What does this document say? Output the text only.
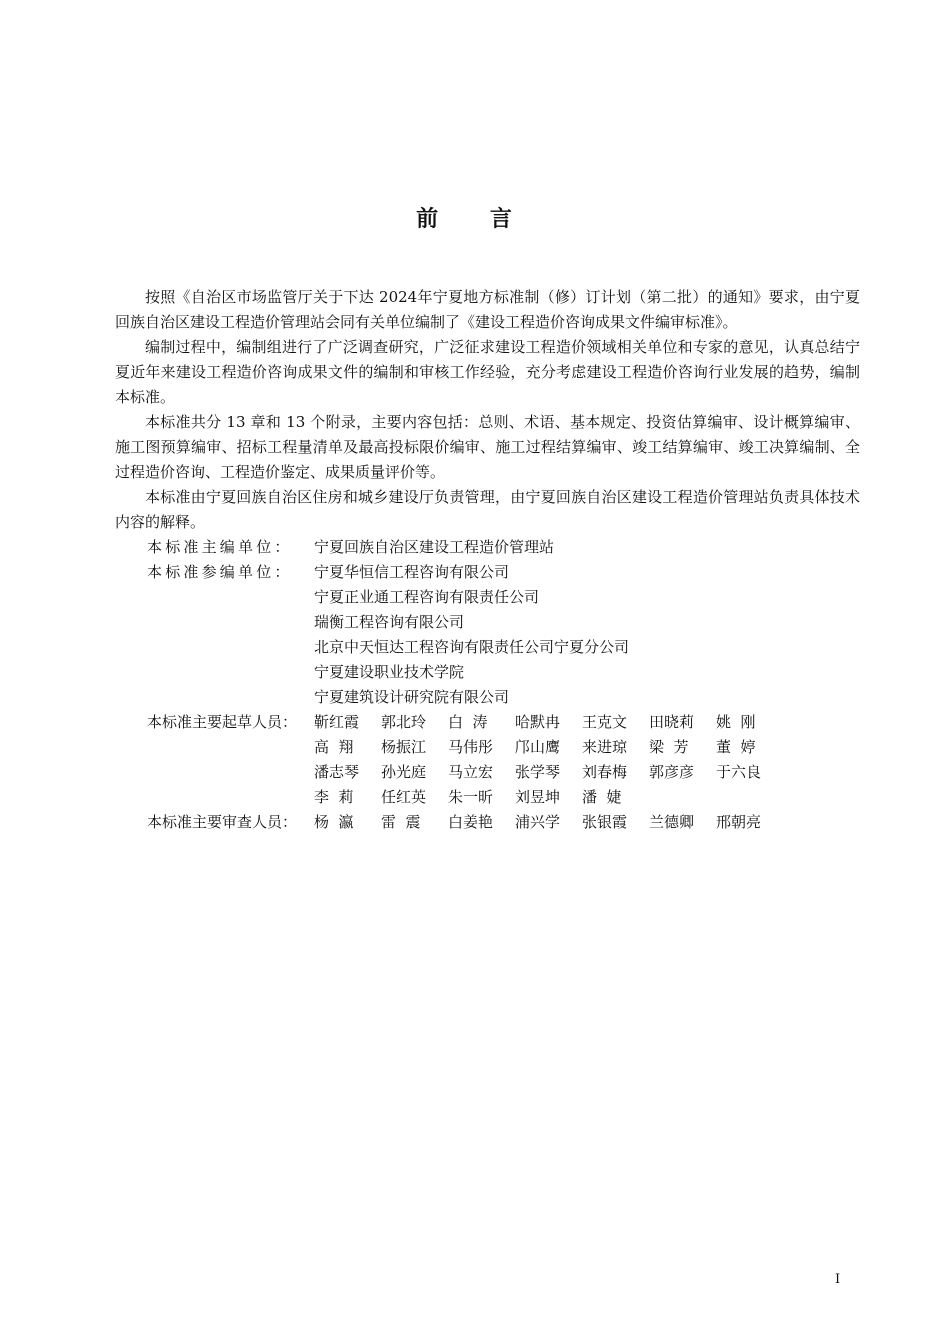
前 言

按照《自治区市场监管厅关于下达 2024年宁夏地方标准制（修）订计划（第二批）的通知》要求，由宁夏回族自治区建设工程造价管理站会同有关单位编制了《建设工程造价咨询成果文件编审标准》。

编制过程中，编制组进行了广泛调查研究，广泛征求建设工程造价领域相关单位和专家的意见，认真总结宁夏近年来建设工程造价咨询成果文件的编制和审核工作经验，充分考虑建设工程造价咨询行业发展的趋势，编制本标准。

本标准共分 13 章和 13 个附录，主要内容包括：总则、术语、基本规定、投资估算编审、设计概算编审、施工图预算编审、招标工程量清单及最高投标限价编审、施工过程结算编审、竣工结算编审、竣工决算编制、全过程造价咨询、工程造价鉴定、成果质量评价等。

本标准由宁夏回族自治区住房和城乡建设厅负责管理，由宁夏回族自治区建设工程造价管理站负责具体技术内容的解释。

本标准主编单位：	宁夏回族自治区建设工程造价管理站
本标准参编单位：	宁夏华恒信工程咨询有限公司
宁夏正业通工程咨询有限责任公司
瑞衡工程咨询有限公司
北京中天恒达工程咨询有限责任公司宁夏分公司
宁夏建设职业技术学院
宁夏建筑设计研究院有限公司
本标准主要起草人员：	靳红霞	郭北玲	白  涛	哈默冉	王克文	田晓莉	姚  刚
高  翔	杨振江	马伟彤	邝山鹰	来进琼	梁  芳	董  婷
潘志琴	孙光庭	马立宏	张学琴	刘春梅	郭彦彦	于六良
李  莉	任红英	朱一昕	刘昱坤	潘  婕
本标准主要审查人员：	杨  瀛	雷  震	白姜艳	浦兴学	张银霞	兰德卿	邢朝亮
I
